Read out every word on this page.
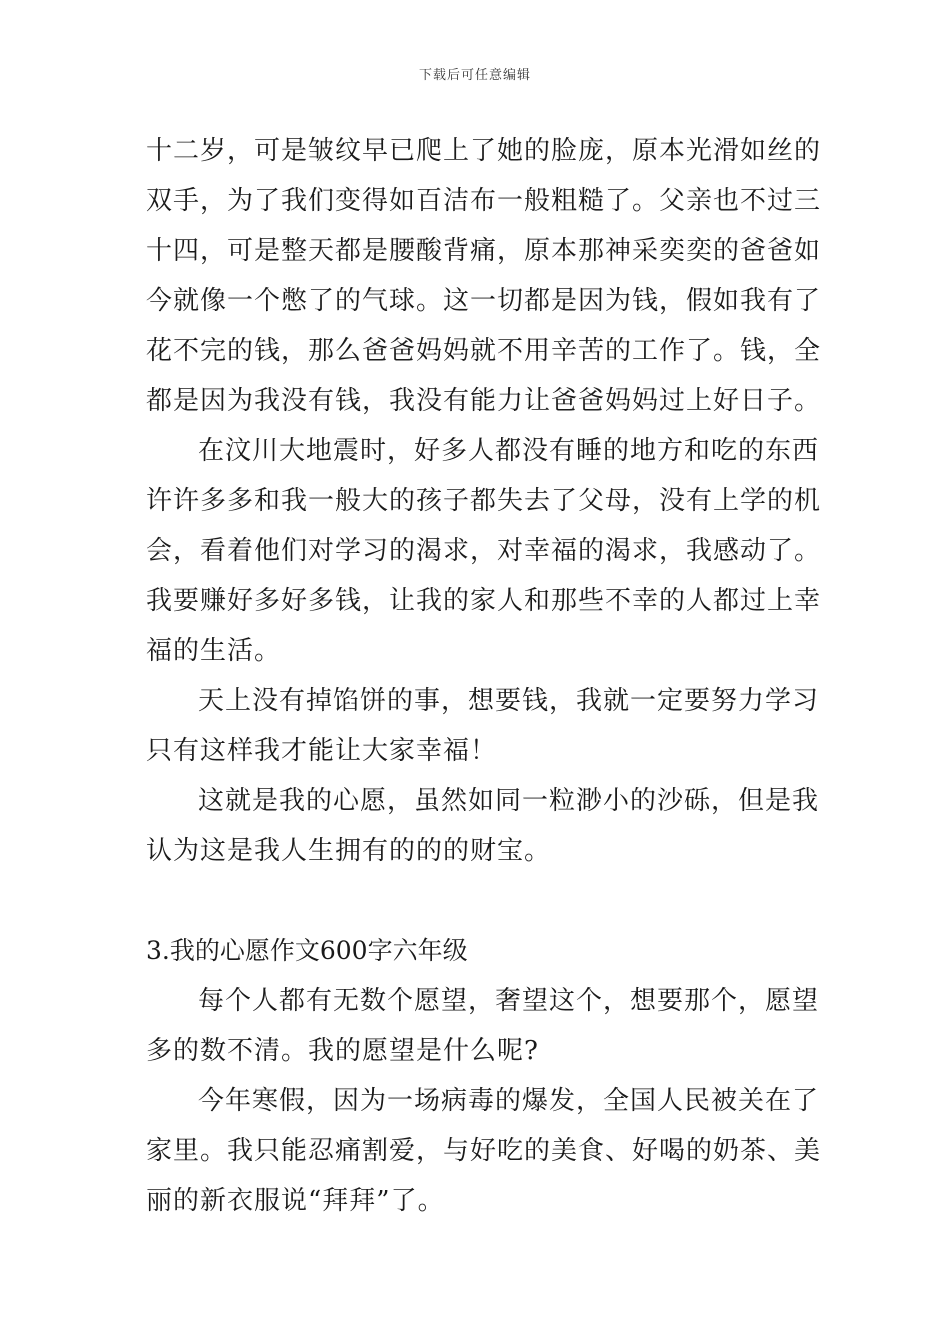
下载后可任意编辑
十二岁，可是皱纹早已爬上了她的脸庞，原本光滑如丝的
双手，为了我们变得如百洁布一般粗糙了。父亲也不过三
十四，可是整天都是腰酸背痛，原本那神采奕奕的爸爸如
今就像一个憋了的气球。这一切都是因为钱，假如我有了
花不完的钱，那么爸爸妈妈就不用辛苦的工作了。钱，全
都是因为我没有钱，我没有能力让爸爸妈妈过上好日子。
在汶川大地震时，好多人都没有睡的地方和吃的东西
许许多多和我一般大的孩子都失去了父母，没有上学的机
会，看着他们对学习的渴求，对幸福的渴求，我感动了。
我要赚好多好多钱，让我的家人和那些不幸的人都过上幸
福的生活。
天上没有掉馅饼的事，想要钱，我就一定要努力学习
只有这样我才能让大家幸福！
这就是我的心愿，虽然如同一粒渺小的沙砾，但是我
认为这是我人生拥有的的的财宝。
3.我的心愿作文600字六年级
每个人都有无数个愿望，奢望这个，想要那个，愿望
多的数不清。我的愿望是什么呢?
今年寒假，因为一场病毒的爆发，全国人民被关在了
家里。我只能忍痛割爱，与好吃的美食、好喝的奶茶、美
丽的新衣服说“拜拜”了。
